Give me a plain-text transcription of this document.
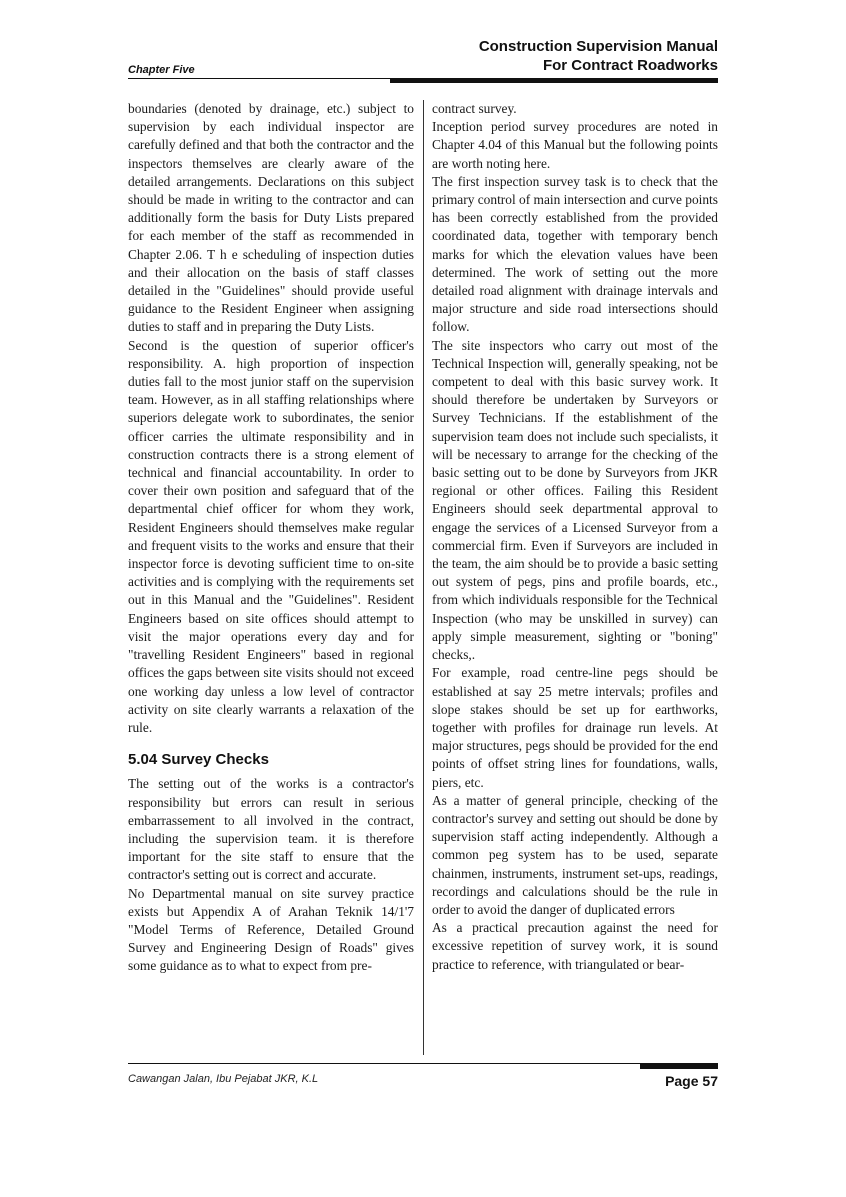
Construction Supervision Manual
For Contract Roadworks
Chapter Five

boundaries (denoted by drainage, etc.) subject to supervision by each individual inspector are carefully defined and that both the contractor and the inspectors themselves are clearly aware of the detailed arrangements. Declarations on this subject should be made in writing to the contractor and can additionally form the basis for Duty Lists prepared for each member of the staff as recommended in Chapter 2.06. T h e scheduling of inspection duties and their allocation on the basis of staff classes detailed in the "Guidelines" should provide useful guidance to the Resident Engineer when assigning duties to staff and in preparing the Duty Lists.

Second is the question of superior officer's responsibility. A. high proportion of inspection duties fall to the most junior staff on the supervision team. However, as in all staffing relationships where superiors delegate work to subordinates, the senior officer carries the ultimate responsibility and in construction contracts there is a strong element of technical and financial accountability. In order to cover their own position and safeguard that of the departmental chief officer for whom they work, Resident Engineers should themselves make regular and frequent visits to the works and ensure that their inspector force is devoting sufficient time to on-site activities and is complying with the requirements set out in this Manual and the "Guidelines". Resident Engineers based on site offices should attempt to visit the major operations every day and for "travelling Resident Engineers" based in regional offices the gaps between site visits should not exceed one working day unless a low level of contractor activity on site clearly warrants a relaxation of the rule.

5.04 Survey Checks

The setting out of the works is a contractor's responsibility but errors can result in serious embarrassement to all involved in the contract, including the supervision team. it is therefore important for the site staff to ensure that the contractor's setting out is correct and accurate.

No Departmental manual on site survey practice exists but Appendix A of Arahan Teknik 14/1'7 "Model Terms of Reference, Detailed Ground Survey and Engineering Design of Roads" gives some guidance as to what to expect from pre-

contract survey.

Inception period survey procedures are noted in Chapter 4.04 of this Manual but the following points are worth noting here.

The first inspection survey task is to check that the primary control of main intersection and curve points has been correctly established from the provided coordinated data, together with temporary bench marks for which the elevation values have been determined. The work of setting out the more detailed road alignment with drainage intervals and major structure and side road intersections should follow.

The site inspectors who carry out most of the Technical Inspection will, generally speaking, not be competent to deal with this basic survey work. It should therefore be undertaken by Surveyors or Survey Technicians. If the establishment of the supervision team does not include such specialists, it will be necessary to arrange for the checking of the basic setting out to be done by Surveyors from JKR regional or other offices. Failing this Resident Engineers should seek departmental approval to engage the services of a Licensed Surveyor from a commercial firm. Even if Surveyors are included in the team, the aim should be to provide a basic setting out system of pegs, pins and profile boards, etc., from which individuals responsible for the Technical Inspection (who may be unskilled in survey) can apply simple measurement, sighting or "boning" checks,.

For example, road centre-line pegs should be established at say 25 metre intervals; profiles and slope stakes should be set up for earthworks, together with profiles for drainage run levels. At major structures, pegs should be provided for the end points of offset string lines for foundations, walls, piers, etc.

As a matter of general principle, checking of the contractor's survey and setting out should be done by supervision staff acting independently. Although a common peg system has to be used, separate chainmen, instruments, instrument set-ups, readings, recordings and calculations should be the rule in order to avoid the danger of duplicated errors

As a practical precaution against the need for excessive repetition of survey work, it is sound practice to reference, with triangulated or bear-

Cawangan Jalan, Ibu Pejabat JKR, K.L	Page 57
